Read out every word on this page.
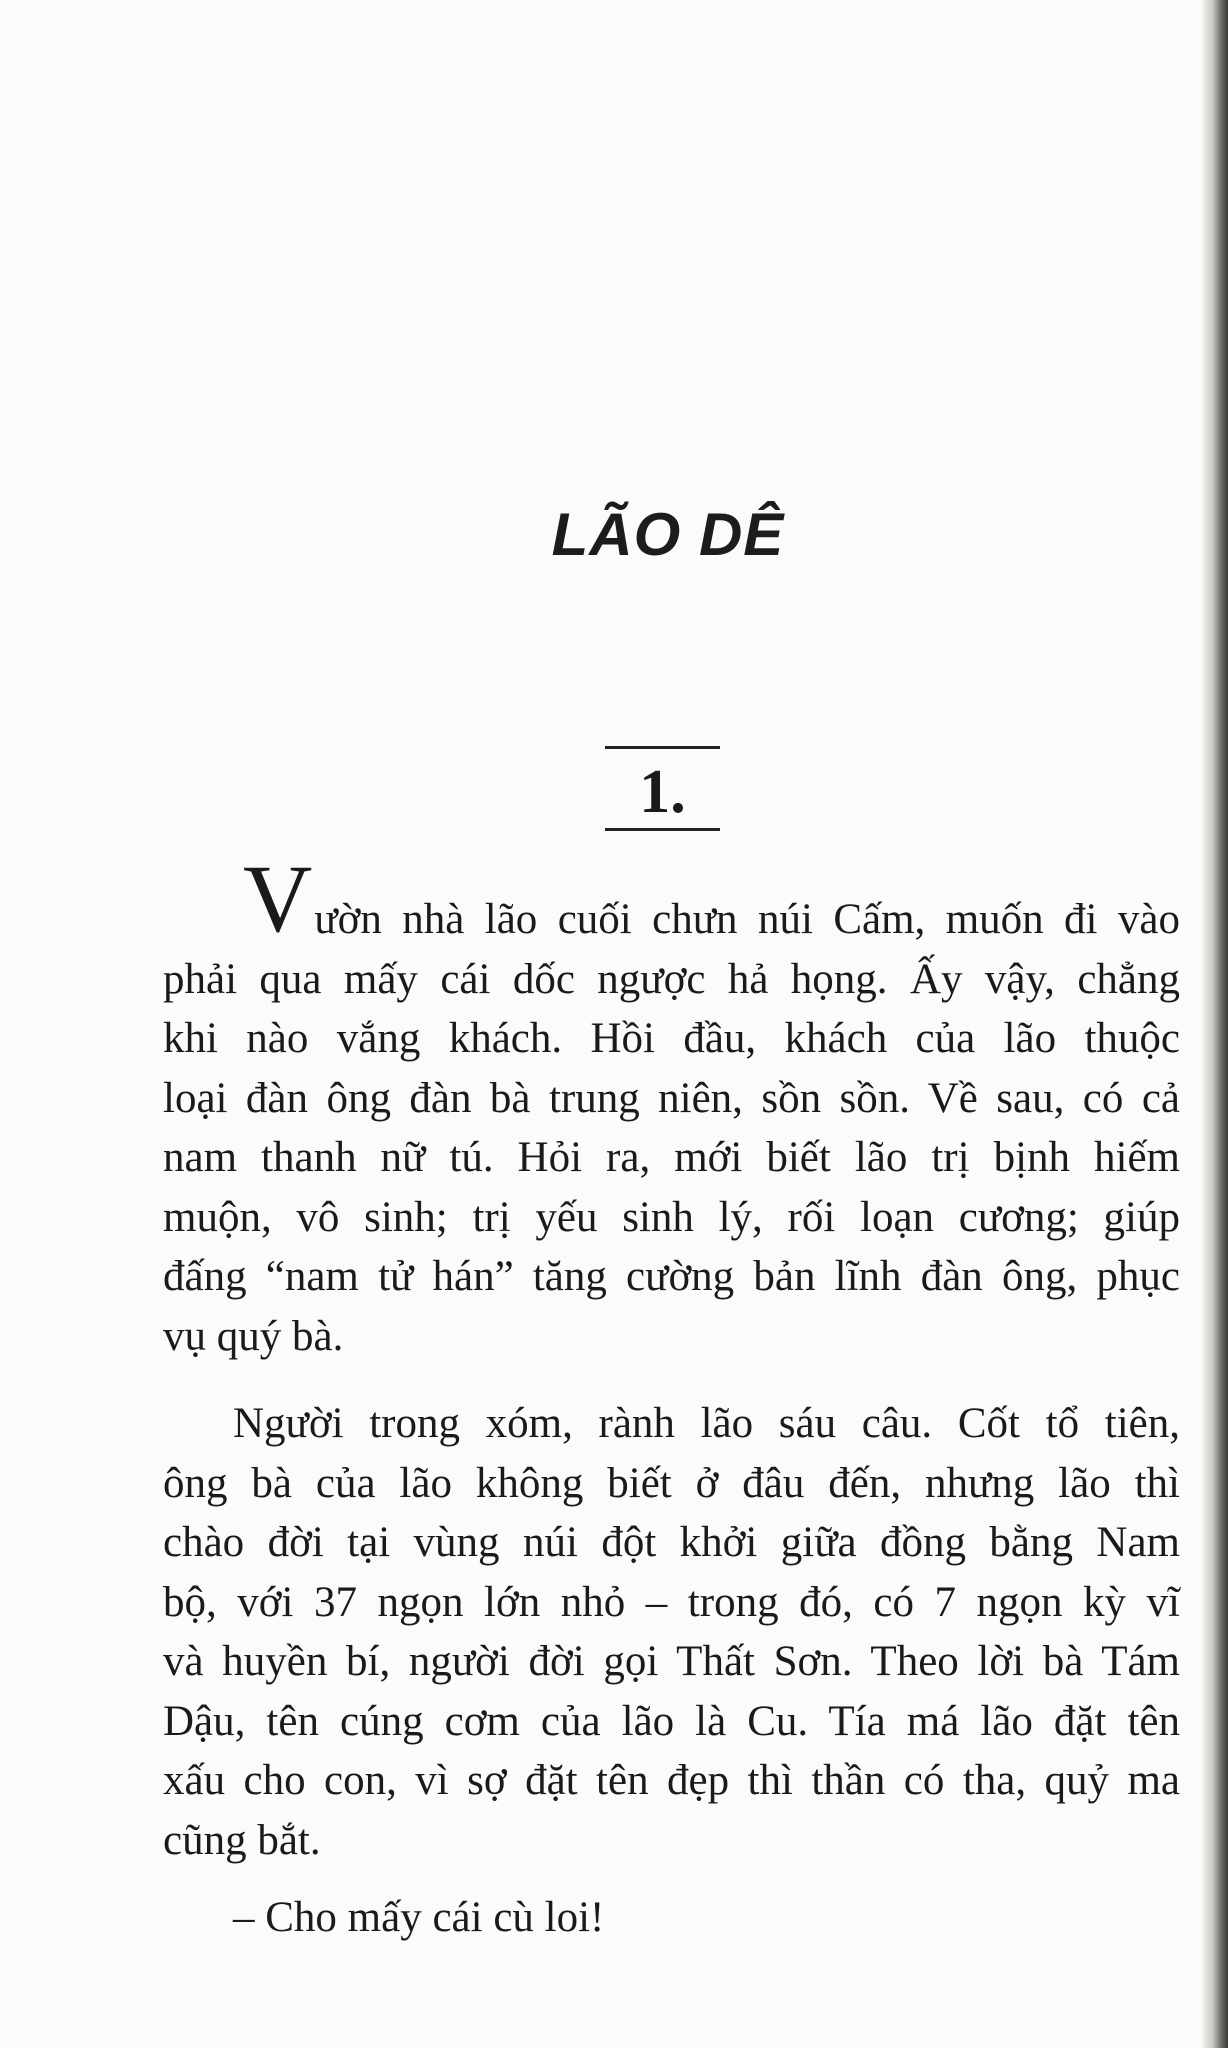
LÃO DÊ
1.
V ườn nhà lão cuối chưn núi Cấm, muốn đi vào
phải qua mấy cái dốc ngược hả họng. Ấy vậy, chẳng
khi nào vắng khách. Hồi đầu, khách của lão thuộc
loại đàn ông đàn bà trung niên, sồn sồn. Về sau, có cả
nam thanh nữ tú. Hỏi ra, mới biết lão trị bịnh hiếm
muộn, vô sinh; trị yếu sinh lý, rối loạn cương; giúp
đấng “nam tử hán” tăng cường bản lĩnh đàn ông, phục
vụ quý bà.
Người trong xóm, rành lão sáu câu. Cốt tổ tiên,
ông bà của lão không biết ở đâu đến, nhưng lão thì
chào đời tại vùng núi đột khởi giữa đồng bằng Nam
bộ, với 37 ngọn lớn nhỏ – trong đó, có 7 ngọn kỳ vĩ
và huyền bí, người đời gọi Thất Sơn. Theo lời bà Tám
Dậu, tên cúng cơm của lão là Cu. Tía má lão đặt tên
xấu cho con, vì sợ đặt tên đẹp thì thần có tha, quỷ ma
cũng bắt.
– Cho mấy cái cù loi!
